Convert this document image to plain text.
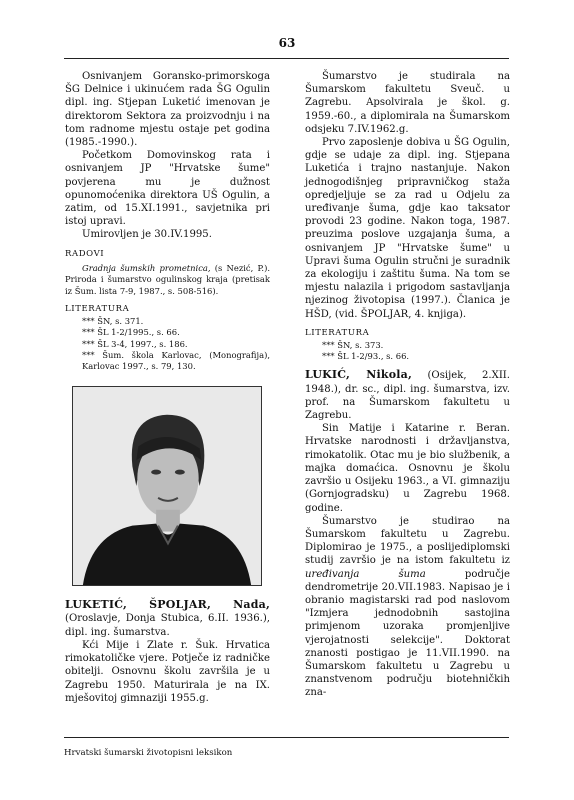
63

Osnivanjem Goransko-primorskoga ŠG Delnice i ukinućem rada ŠG Ogulin dipl. ing. Stjepan Luketić imenovan je direktorom Sektora za proizvodnju i na tom radnome mjestu ostaje pet godina (1985.-1990.).

Početkom Domovinskog rata i osnivanjem JP "Hrvatske šume" povjerena mu je dužnost opunomoćenika direktora UŠ Ogulin, a zatim, od 15.XI.1991., savjetnika pri istoj upravi.

Umirovljen je 30.IV.1995.

RADOVI

Gradnja šumskih prometnica, (s Nezić, P.). Priroda i šumarstvo ogulinskog kraja (pretisak iz Šum. lista 7-9, 1987., s. 508-516).

LITERATURA
*** ŠN, s. 371.
*** ŠL 1-2/1995., s. 66.
*** ŠL 3-4, 1997., s. 186.
*** Šum. škola Karlovac, (Monografija), Karlovac 1997., s. 79, 130.

LUKETIĆ, ŠPOLJAR, Nada, (Oroslavje, Donja Stubica, 6.II. 1936.), dipl. ing. šumarstva.

Kći Mije i Zlate r. Šuk. Hrvatica rimokatoličke vjere. Potječe iz radničke obitelji. Osnovnu školu završila je u Zagrebu 1950. Maturirala je na IX. mješovitoj gimnaziji 1955.g.

Šumarstvo je studirala na Šumarskom fakultetu Sveuč. u Zagrebu. Apsolvirala je škol. g. 1959.-60., a diplomirala na Šumarskom odsjeku 7.IV.1962.g.

Prvo zaposlenje dobiva u ŠG Ogulin, gdje se udaje za dipl. ing. Stjepana Luketića i trajno nastanjuje. Nakon jednogodišnjeg pripravničkog staža opredjeljuje se za rad u Odjelu za uređivanje šuma, gdje kao taksator provodi 23 godine. Nakon toga, 1987. preuzima poslove uzgajanja šuma, a osnivanjem JP "Hrvatske šume" u Upravi šuma Ogulin stručni je suradnik za ekologiju i zaštitu šuma. Na tom se mjestu nalazila i prigodom sastavljanja njezinog životopisa (1997.). Članica je HŠD, (vid. ŠPOLJAR, 4. knjiga).

LITERATURA
*** ŠN, s. 373.
*** ŠL 1-2/93., s. 66.

LUKIĆ, Nikola, (Osijek, 2.XII. 1948.), dr. sc., dipl. ing. šumarstva, izv. prof. na Šumarskom fakultetu u Zagrebu.

Sin Matije i Katarine r. Beran. Hrvatske narodnosti i državljanstva, rimokatolik. Otac mu je bio službenik, a majka domaćica. Osnovnu je školu završio u Osijeku 1963., a VI. gimnaziju (Gornjogradsku) u Zagrebu 1968. godine.

Šumarstvo je studirao na Šumarskom fakultetu u Zagrebu. Diplomirao je 1975., a poslijediplomski studij završio je na istom fakultetu iz uređivanja šuma područje dendrometrije 20.VII.1983. Napisao je i obranio magistarski rad pod naslovom "Izmjera jednodobnih sastojina primjenom uzoraka promjenljive vjerojatnosti selekcije". Doktorat znanosti postigao je 11.VII.1990. na Šumarskom fakultetu u Zagrebu u znanstvenom području biotehničkih zna-

Hrvatski šumarski životopisni leksikon
